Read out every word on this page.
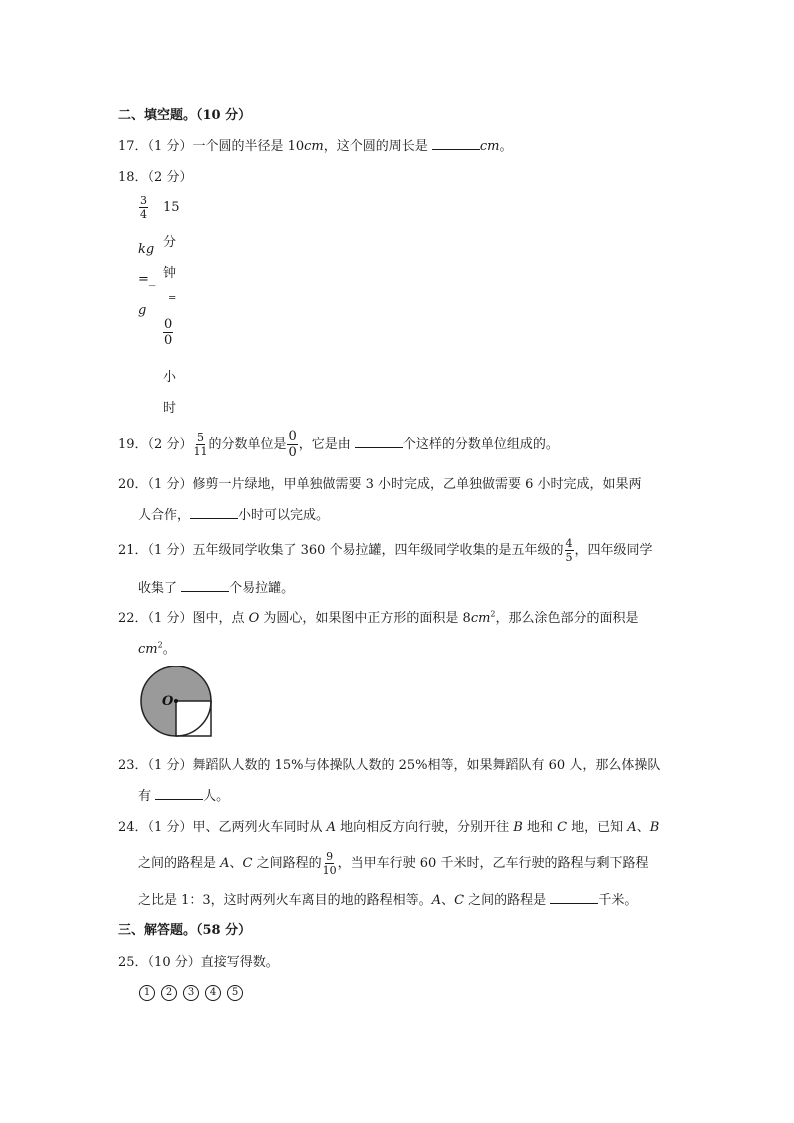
二、填空题。（10 分）
17．（1 分）一个圆的半径是 10cm，这个圆的周长是	cm。
18．（2 分）
$\frac{3}{4}$
kg
=_
g
15
分
钟
=
$\frac{0}{0}$
小
时
19．（2 分） $\frac{5}{11}$ 的分数单位是 $\frac{0}{0}$ ，它是由	个这样的分数单位组成的。
20．（1 分）修剪一片绿地，甲单独做需要 3 小时完成，乙单独做需要 6 小时完成，如果两
人合作，	小时可以完成。
21．（1 分）五年级同学收集了 360 个易拉罐，四年级同学收集的是五年级的 $\frac{4}{5}$ ，四年级同学
收集了	个易拉罐。
22．（1 分）图中，点 O 为圆心，如果图中正方形的面积是 $8cm^2$，那么涂色部分的面积是
$cm^2$。
O
23．（1 分）舞蹈队人数的 15%与体操队人数的 25%相等，如果舞蹈队有 60 人，那么体操队
有	人。
24．（1 分）甲、乙两列火车同时从 A 地向相反方向行驶，分别开往 B 地和 C 地，已知 A、B
之间的路程是 A、C 之间路程的 $\frac{9}{10}$ ，当甲车行驶 60 千米时，乙车行驶的路程与剩下路程
之比是 1：3，这时两列火车离目的地的路程相等。A、C 之间的路程是	千米。
三、解答题。（58 分）
25．（10 分）直接写得数。
1 2 3 4 5
